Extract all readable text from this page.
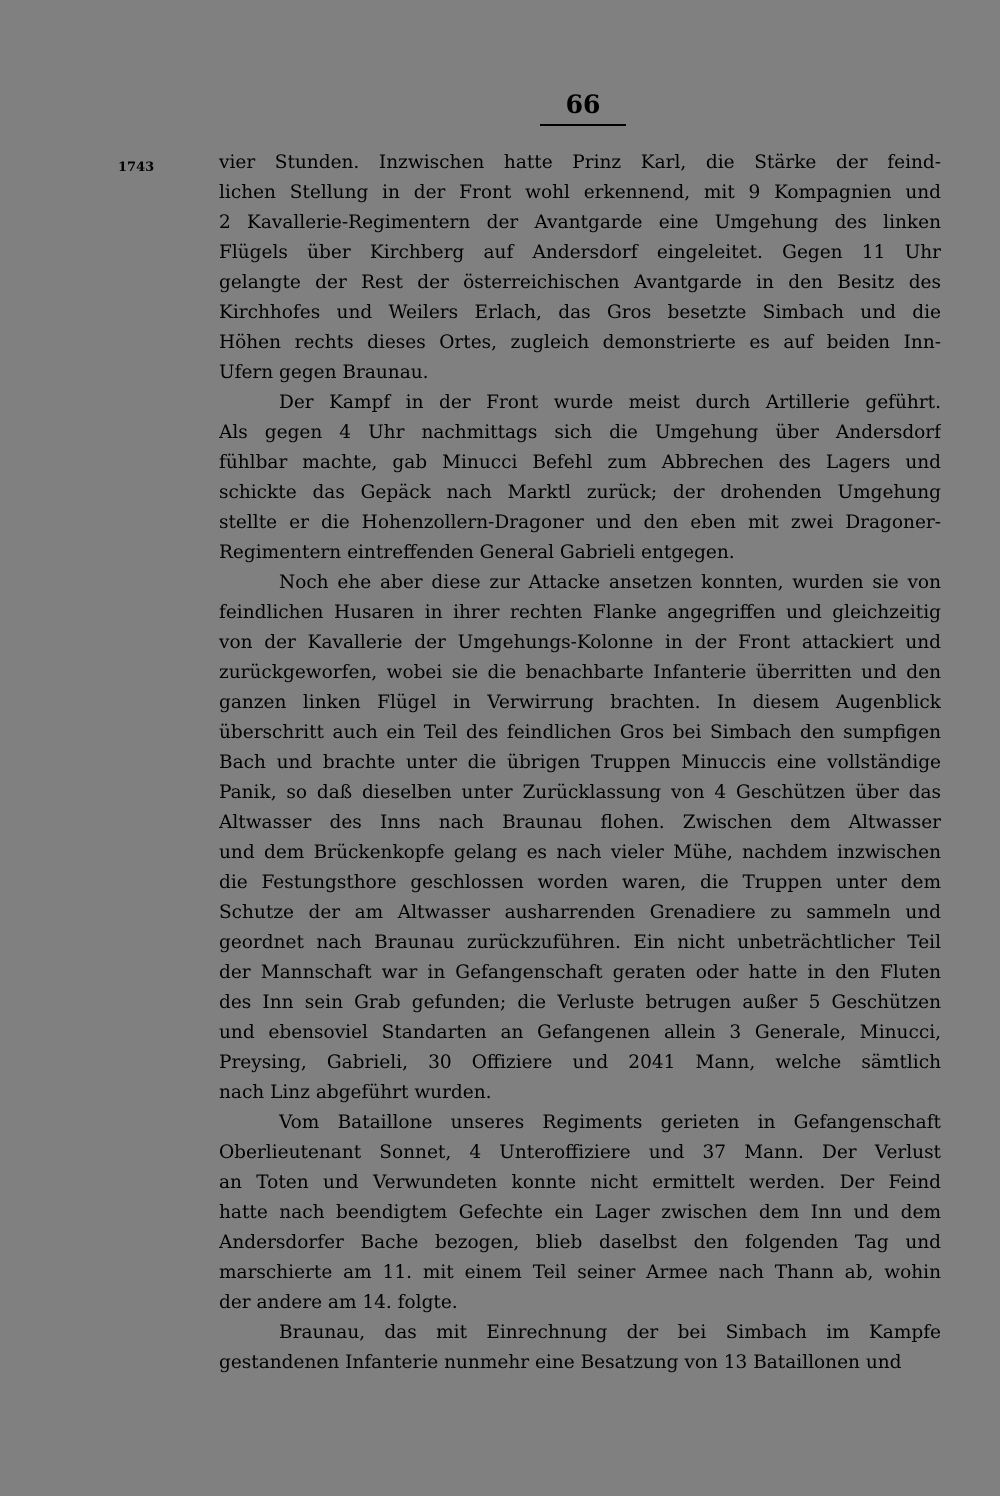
66
1743	vier Stunden. Inzwischen hatte Prinz Karl, die Stärke der feind-
lichen Stellung in der Front wohl erkennend, mit 9 Kompagnien und
2 Kavallerie-Regimentern der Avantgarde eine Umgehung des linken
Flügels über Kirchberg auf Andersdorf eingeleitet. Gegen 11 Uhr
gelangte der Rest der österreichischen Avantgarde in den Besitz des
Kirchhofes und Weilers Erlach, das Gros besetzte Simbach und die
Höhen rechts dieses Ortes, zugleich demonstrierte es auf beiden Inn-
Ufern gegen Braunau.

Der Kampf in der Front wurde meist durch Artillerie geführt.
Als gegen 4 Uhr nachmittags sich die Umgehung über Andersdorf
fühlbar machte, gab Minucci Befehl zum Abbrechen des Lagers und
schickte das Gepäck nach Marktl zurück; der drohenden Umgehung
stellte er die Hohenzollern-Dragoner und den eben mit zwei Dragoner-
Regimentern eintreffenden General Gabrieli entgegen.

Noch ehe aber diese zur Attacke ansetzen konnten, wurden sie von
feindlichen Husaren in ihrer rechten Flanke angegriffen und gleichzeitig
von der Kavallerie der Umgehungs-Kolonne in der Front attackiert und
zurückgeworfen, wobei sie die benachbarte Infanterie überritten und den
ganzen linken Flügel in Verwirrung brachten. In diesem Augenblick
überschritt auch ein Teil des feindlichen Gros bei Simbach den sumpfigen
Bach und brachte unter die übrigen Truppen Minuccis eine vollständige
Panik, so daß dieselben unter Zurücklassung von 4 Geschützen über das
Altwasser des Inns nach Braunau flohen. Zwischen dem Altwasser
und dem Brückenkopfe gelang es nach vieler Mühe, nachdem inzwischen
die Festungsthore geschlossen worden waren, die Truppen unter dem
Schutze der am Altwasser ausharrenden Grenadiere zu sammeln und
geordnet nach Braunau zurückzuführen. Ein nicht unbeträchtlicher Teil
der Mannschaft war in Gefangenschaft geraten oder hatte in den Fluten
des Inn sein Grab gefunden; die Verluste betrugen außer 5 Geschützen
und ebensoviel Standarten an Gefangenen allein 3 Generale, Minucci,
Preysing, Gabrieli, 30 Offiziere und 2041 Mann, welche sämtlich
nach Linz abgeführt wurden.

Vom Bataillone unseres Regiments gerieten in Gefangenschaft
Oberlieutenant Sonnet, 4 Unteroffiziere und 37 Mann. Der Verlust
an Toten und Verwundeten konnte nicht ermittelt werden. Der Feind
hatte nach beendigtem Gefechte ein Lager zwischen dem Inn und dem
Andersdorfer Bache bezogen, blieb daselbst den folgenden Tag und
marschierte am 11. mit einem Teil seiner Armee nach Thann ab, wohin
der andere am 14. folgte.

Braunau, das mit Einrechnung der bei Simbach im Kampfe
gestandenen Infanterie nunmehr eine Besatzung von 13 Bataillonen und
